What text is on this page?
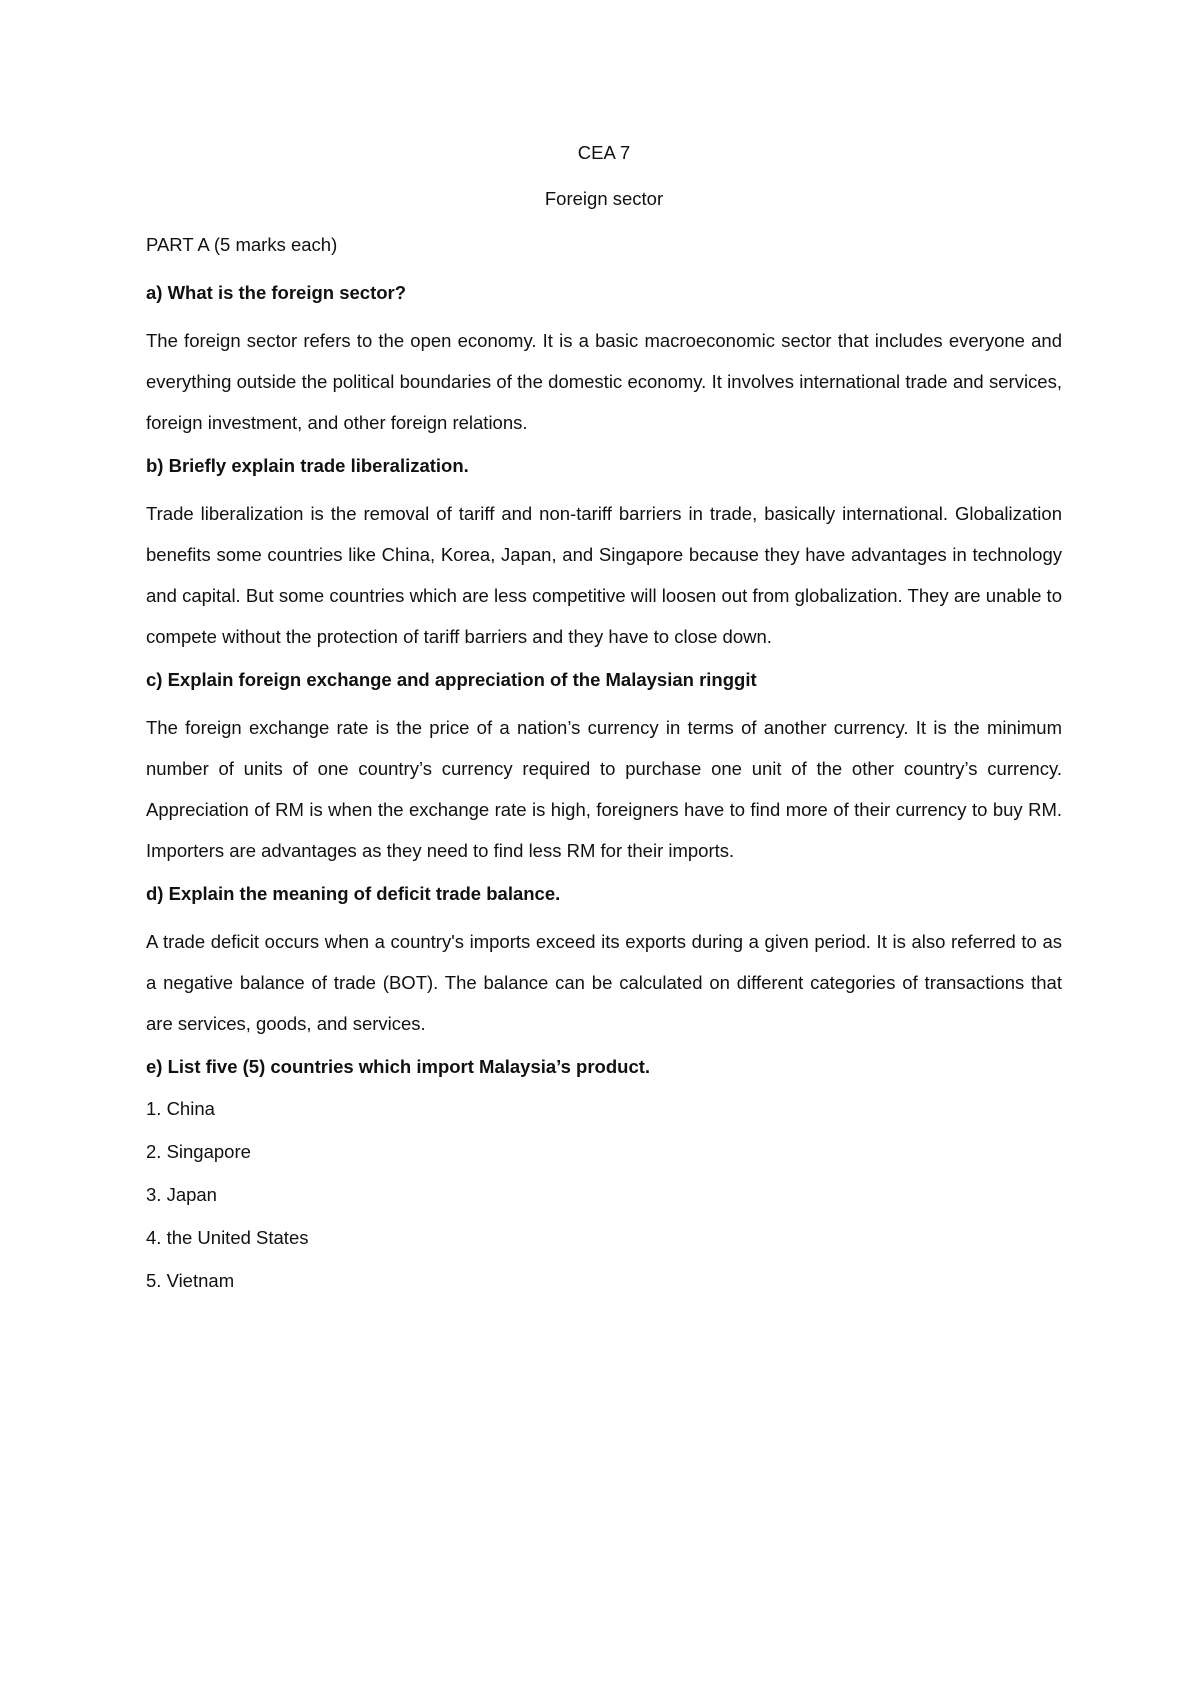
CEA 7

Foreign sector

PART A (5 marks each)

a) What is the foreign sector?

The foreign sector refers to the open economy. It is a basic macroeconomic sector that includes everyone and everything outside the political boundaries of the domestic economy. It involves international trade and services, foreign investment, and other foreign relations.

b) Briefly explain trade liberalization.

Trade liberalization is the removal of tariff and non-tariff barriers in trade, basically international. Globalization benefits some countries like China, Korea, Japan, and Singapore because they have advantages in technology and capital. But some countries which are less competitive will loosen out from globalization. They are unable to compete without the protection of tariff barriers and they have to close down.

c) Explain foreign exchange and appreciation of the Malaysian ringgit

The foreign exchange rate is the price of a nation’s currency in terms of another currency. It is the minimum number of units of one country’s currency required to purchase one unit of the other country’s currency. Appreciation of RM is when the exchange rate is high, foreigners have to find more of their currency to buy RM. Importers are advantages as they need to find less RM for their imports.

d) Explain the meaning of deficit trade balance.

A trade deficit occurs when a country's imports exceed its exports during a given period. It is also referred to as a negative balance of trade (BOT). The balance can be calculated on different categories of transactions that are services, goods, and services.

e) List five (5) countries which import Malaysia’s product.

1. China
2. Singapore
3. Japan
4. the United States
5. Vietnam
